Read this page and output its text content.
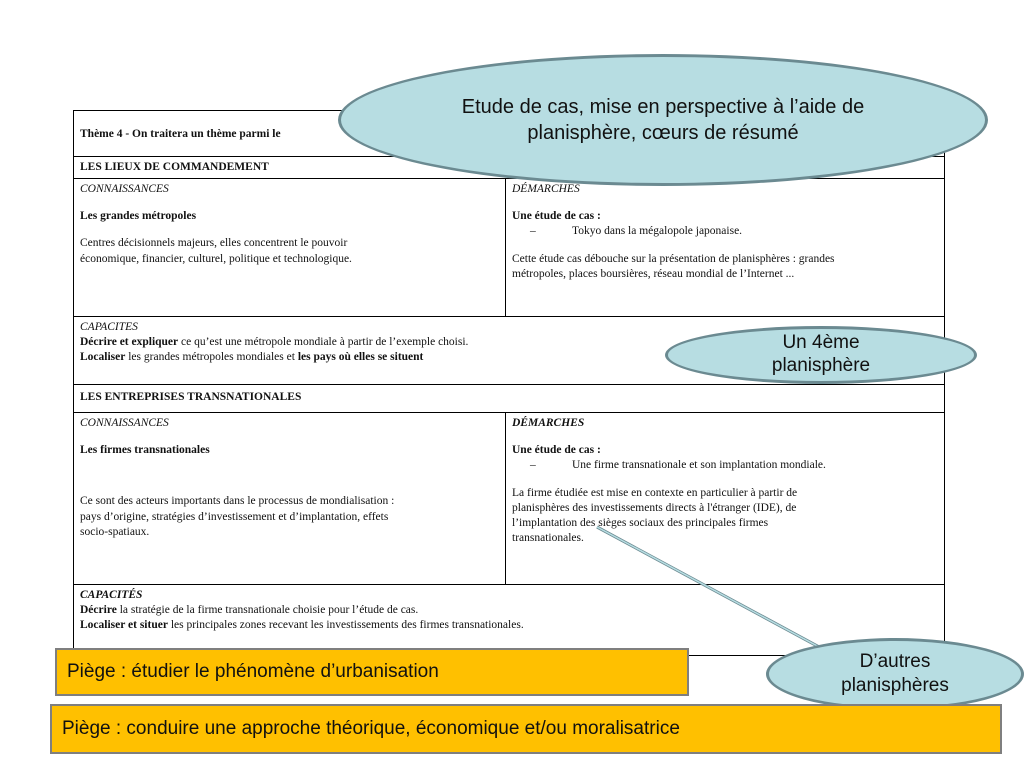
Thème 4 - On traitera un thème parmi le
LES LIEUX DE COMMANDEMENT
CONNAISSANCES
Les grandes métropoles
Centres décisionnels majeurs, elles concentrent le pouvoir
économique, financier, culturel, politique et technologique.
DÉMARCHES
Une étude de cas :
–	Tokyo dans la mégalopole japonaise.
Cette étude cas débouche sur la présentation de planisphères : grandes
métropoles, places boursières, réseau mondial de l’Internet ...
CAPACITES
Décrire et expliquer ce qu’est une métropole mondiale à partir de l’exemple choisi.
Localiser les grandes métropoles mondiales et les pays où elles se situent
LES ENTREPRISES TRANSNATIONALES
CONNAISSANCES
Les firmes transnationales
Ce sont des acteurs importants dans le processus de mondialisation :
pays d’origine, stratégies d’investissement et d’implantation, effets
socio-spatiaux.
DÉMARCHES
Une étude de cas :
–	Une firme transnationale et son implantation mondiale.
La firme étudiée est mise en contexte en particulier à partir de
planisphères des investissements directs à l'étranger (IDE), de
l’implantation des sièges sociaux des principales firmes
transnationales.
CAPACITÉS
Décrire la stratégie de la firme transnationale choisie pour l’étude de cas.
Localiser et situer les principales zones recevant les investissements des firmes transnationales.
Etude de cas, mise en perspective à l’aide de planisphère, cœurs de résumé
Un 4ème planisphère
D’autres planisphères
Piège : étudier le phénomène d’urbanisation
Piège : conduire une approche théorique, économique et/ou moralisatrice
